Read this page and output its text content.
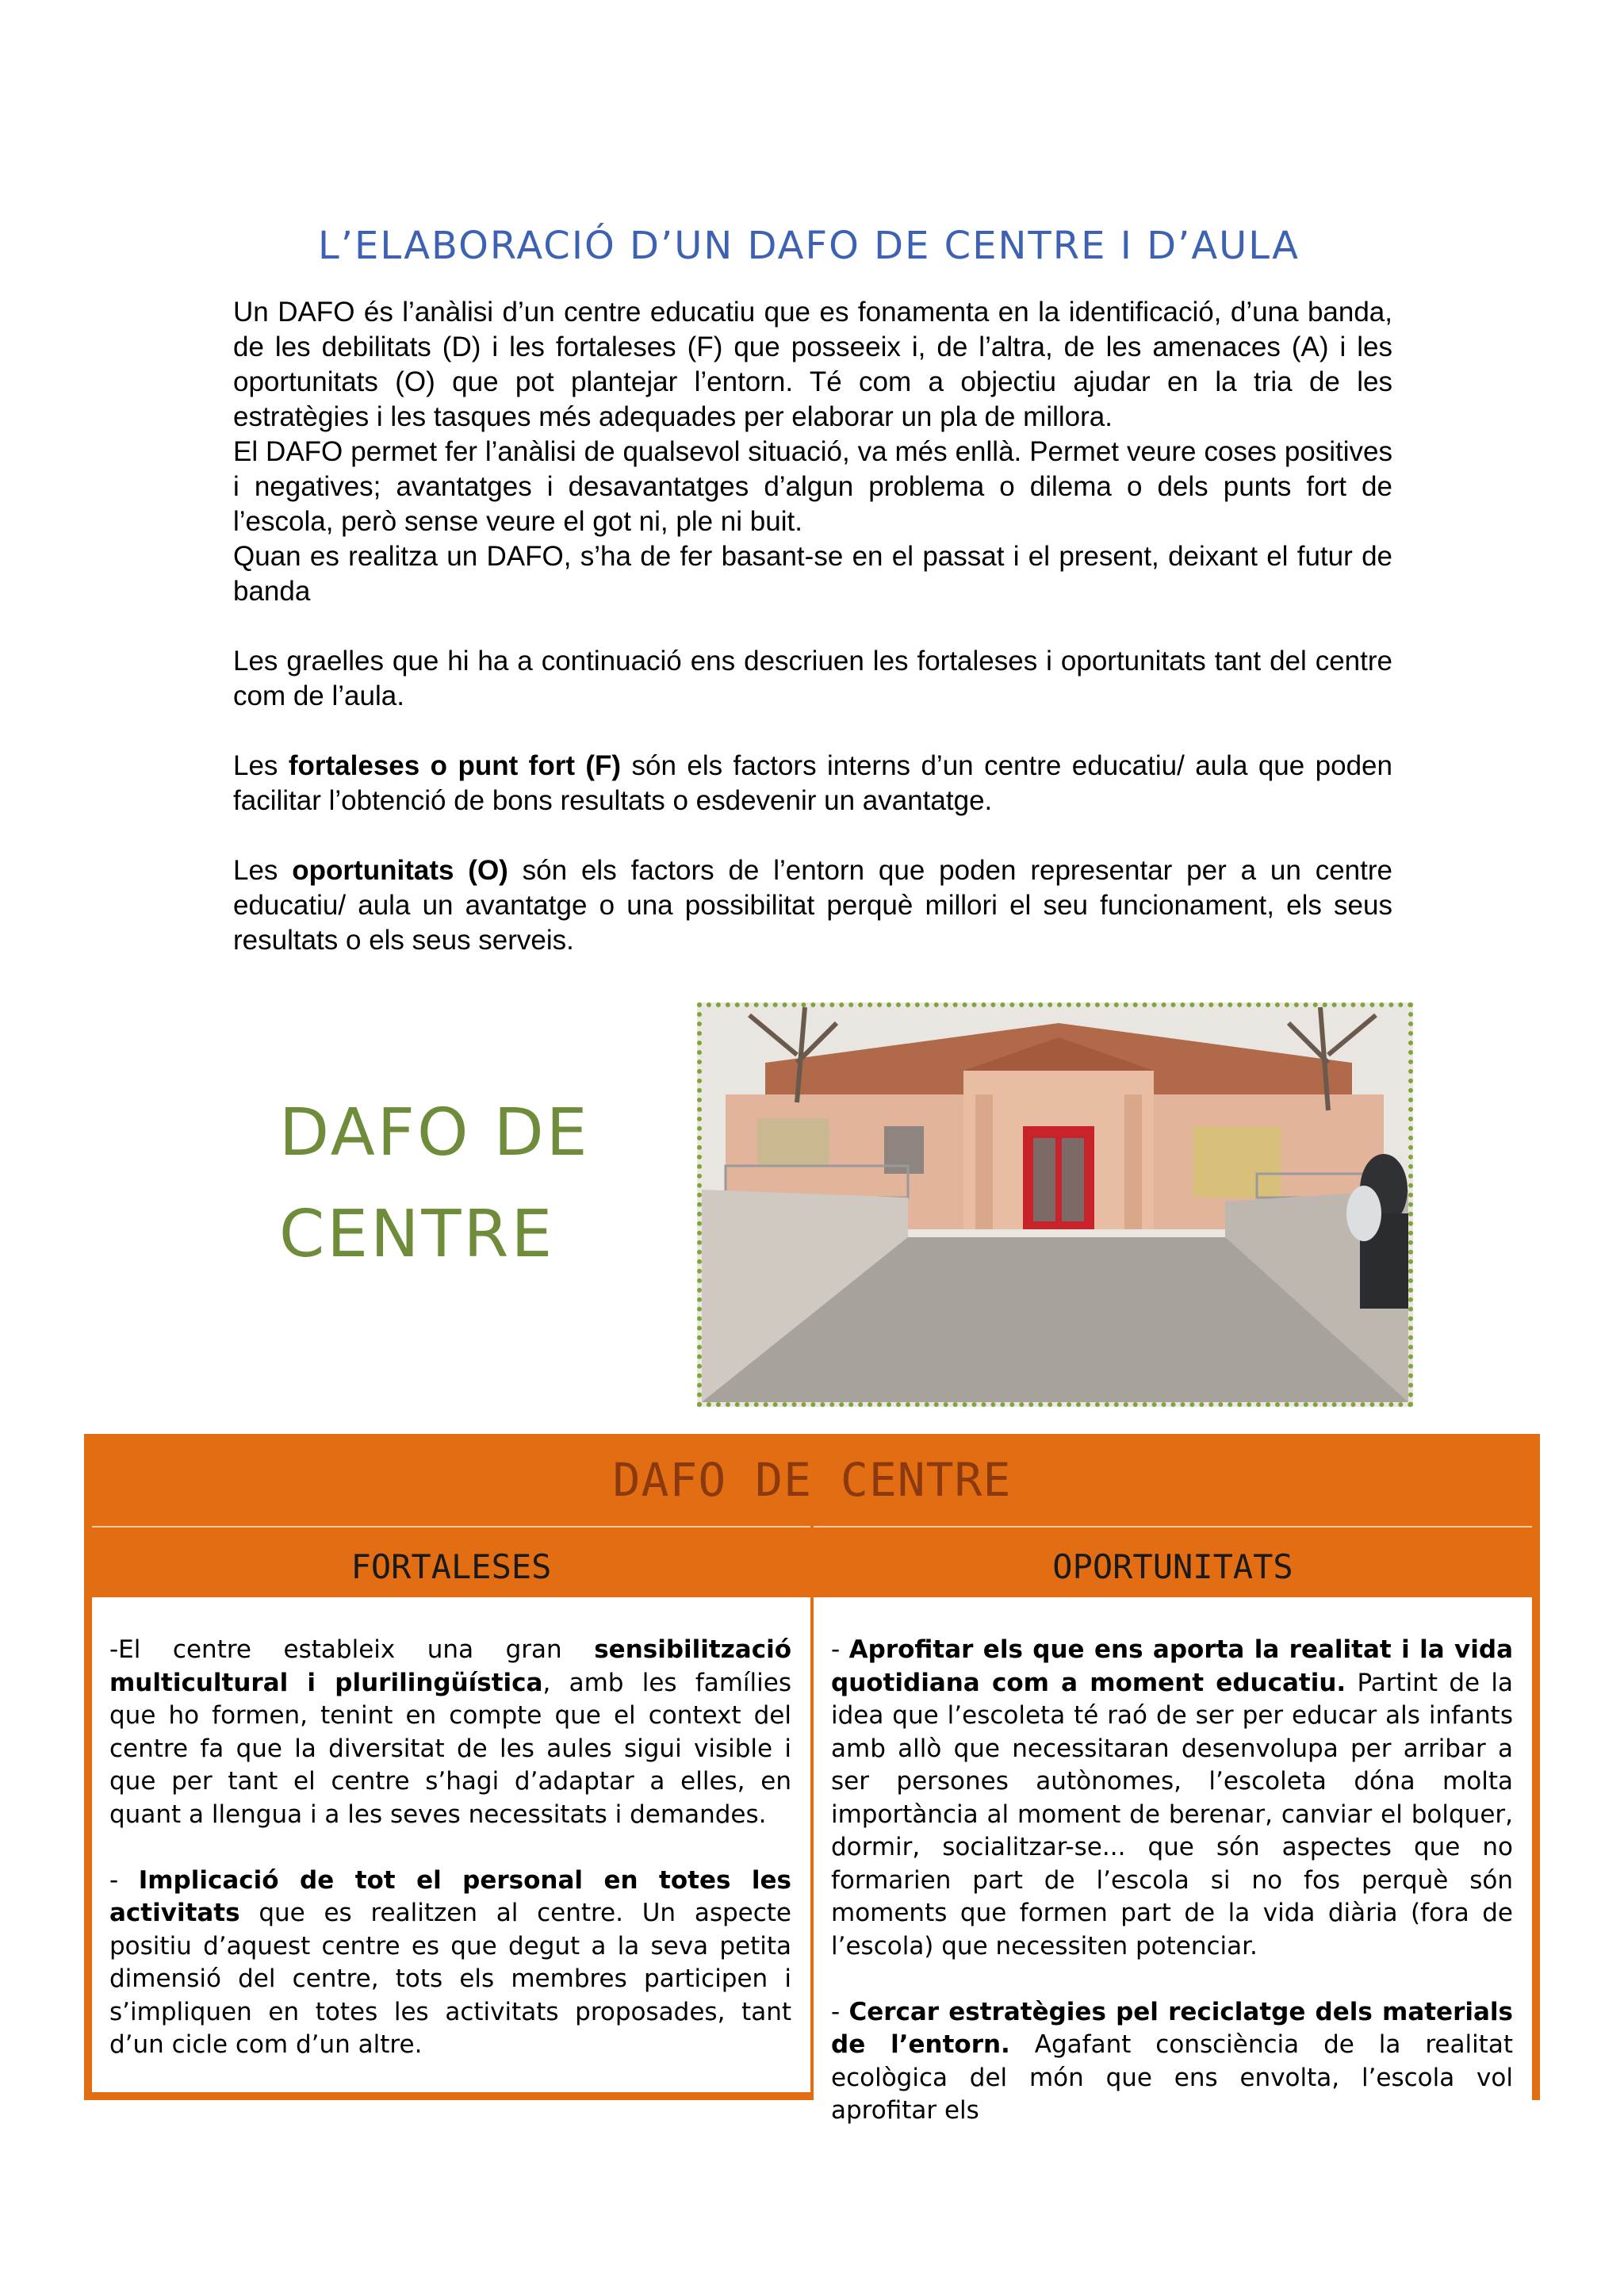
L’ELABORACIÓ D’UN DAFO DE CENTRE I D’AULA

Un DAFO és l’anàlisi d’un centre educatiu que es fonamenta en la identificació, d’una banda, de les debilitats (D) i les fortaleses (F) que posseeix i, de l’altra, de les amenaces (A) i les oportunitats (O) que pot plantejar l’entorn. Té com a objectiu ajudar en la tria de les estratègies i les tasques més adequades per elaborar un pla de millora.

El DAFO permet fer l’anàlisi de qualsevol situació, va més enllà. Permet veure coses positives i negatives; avantatges i desavantatges d’algun problema o dilema o dels punts fort de l’escola, però sense veure el got ni, ple ni buit.

Quan es realitza un DAFO, s’ha de fer basant-se en el passat i el present, deixant el futur de banda

Les graelles que hi ha a continuació ens descriuen les fortaleses i oportunitats tant del centre com de l’aula.

Les fortaleses o punt fort (F) són els factors interns d’un centre educatiu/ aula que poden facilitar l’obtenció de bons resultats o esdevenir un avantatge.

Les oportunitats (O) són els factors de l’entorn que poden representar per a un centre educatiu/ aula un avantatge o una possibilitat perquè millori el seu funcionament, els seus resultats o els seus serveis.

DAFO DE
CENTRE
DAFO DE CENTRE
FORTALESES

-El centre estableix una gran sensibilització multicultural i plurilingüística, amb les famílies que ho formen, tenint en compte que el context del centre fa que la diversitat de les aules sigui visible i que per tant el centre s’hagi d’adaptar a elles, en quant a llengua i a les seves necessitats i demandes.

- Implicació de tot el personal en totes les activitats que es realitzen al centre. Un aspecte positiu d’aquest centre es que degut a la seva petita dimensió del centre, tots els membres participen i s’impliquen en totes les activitats proposades, tant d’un cicle com d’un altre.

OPORTUNITATS

- Aprofitar els que ens aporta la realitat i la vida quotidiana com a moment educatiu. Partint de la idea que l’escoleta té raó de ser per educar als infants amb allò que necessitaran desenvolupa per arribar a ser persones autònomes, l’escoleta dóna molta importància al moment de berenar, canviar el bolquer, dormir, socialitzar-se... que són aspectes que no formarien part de l’escola si no fos perquè són moments que formen part de la vida diària (fora de l’escola) que necessiten potenciar.

- Cercar estratègies pel reciclatge dels materials de l’entorn. Agafant consciència de la realitat ecològica del món que ens envolta, l’escola vol aprofitar els
